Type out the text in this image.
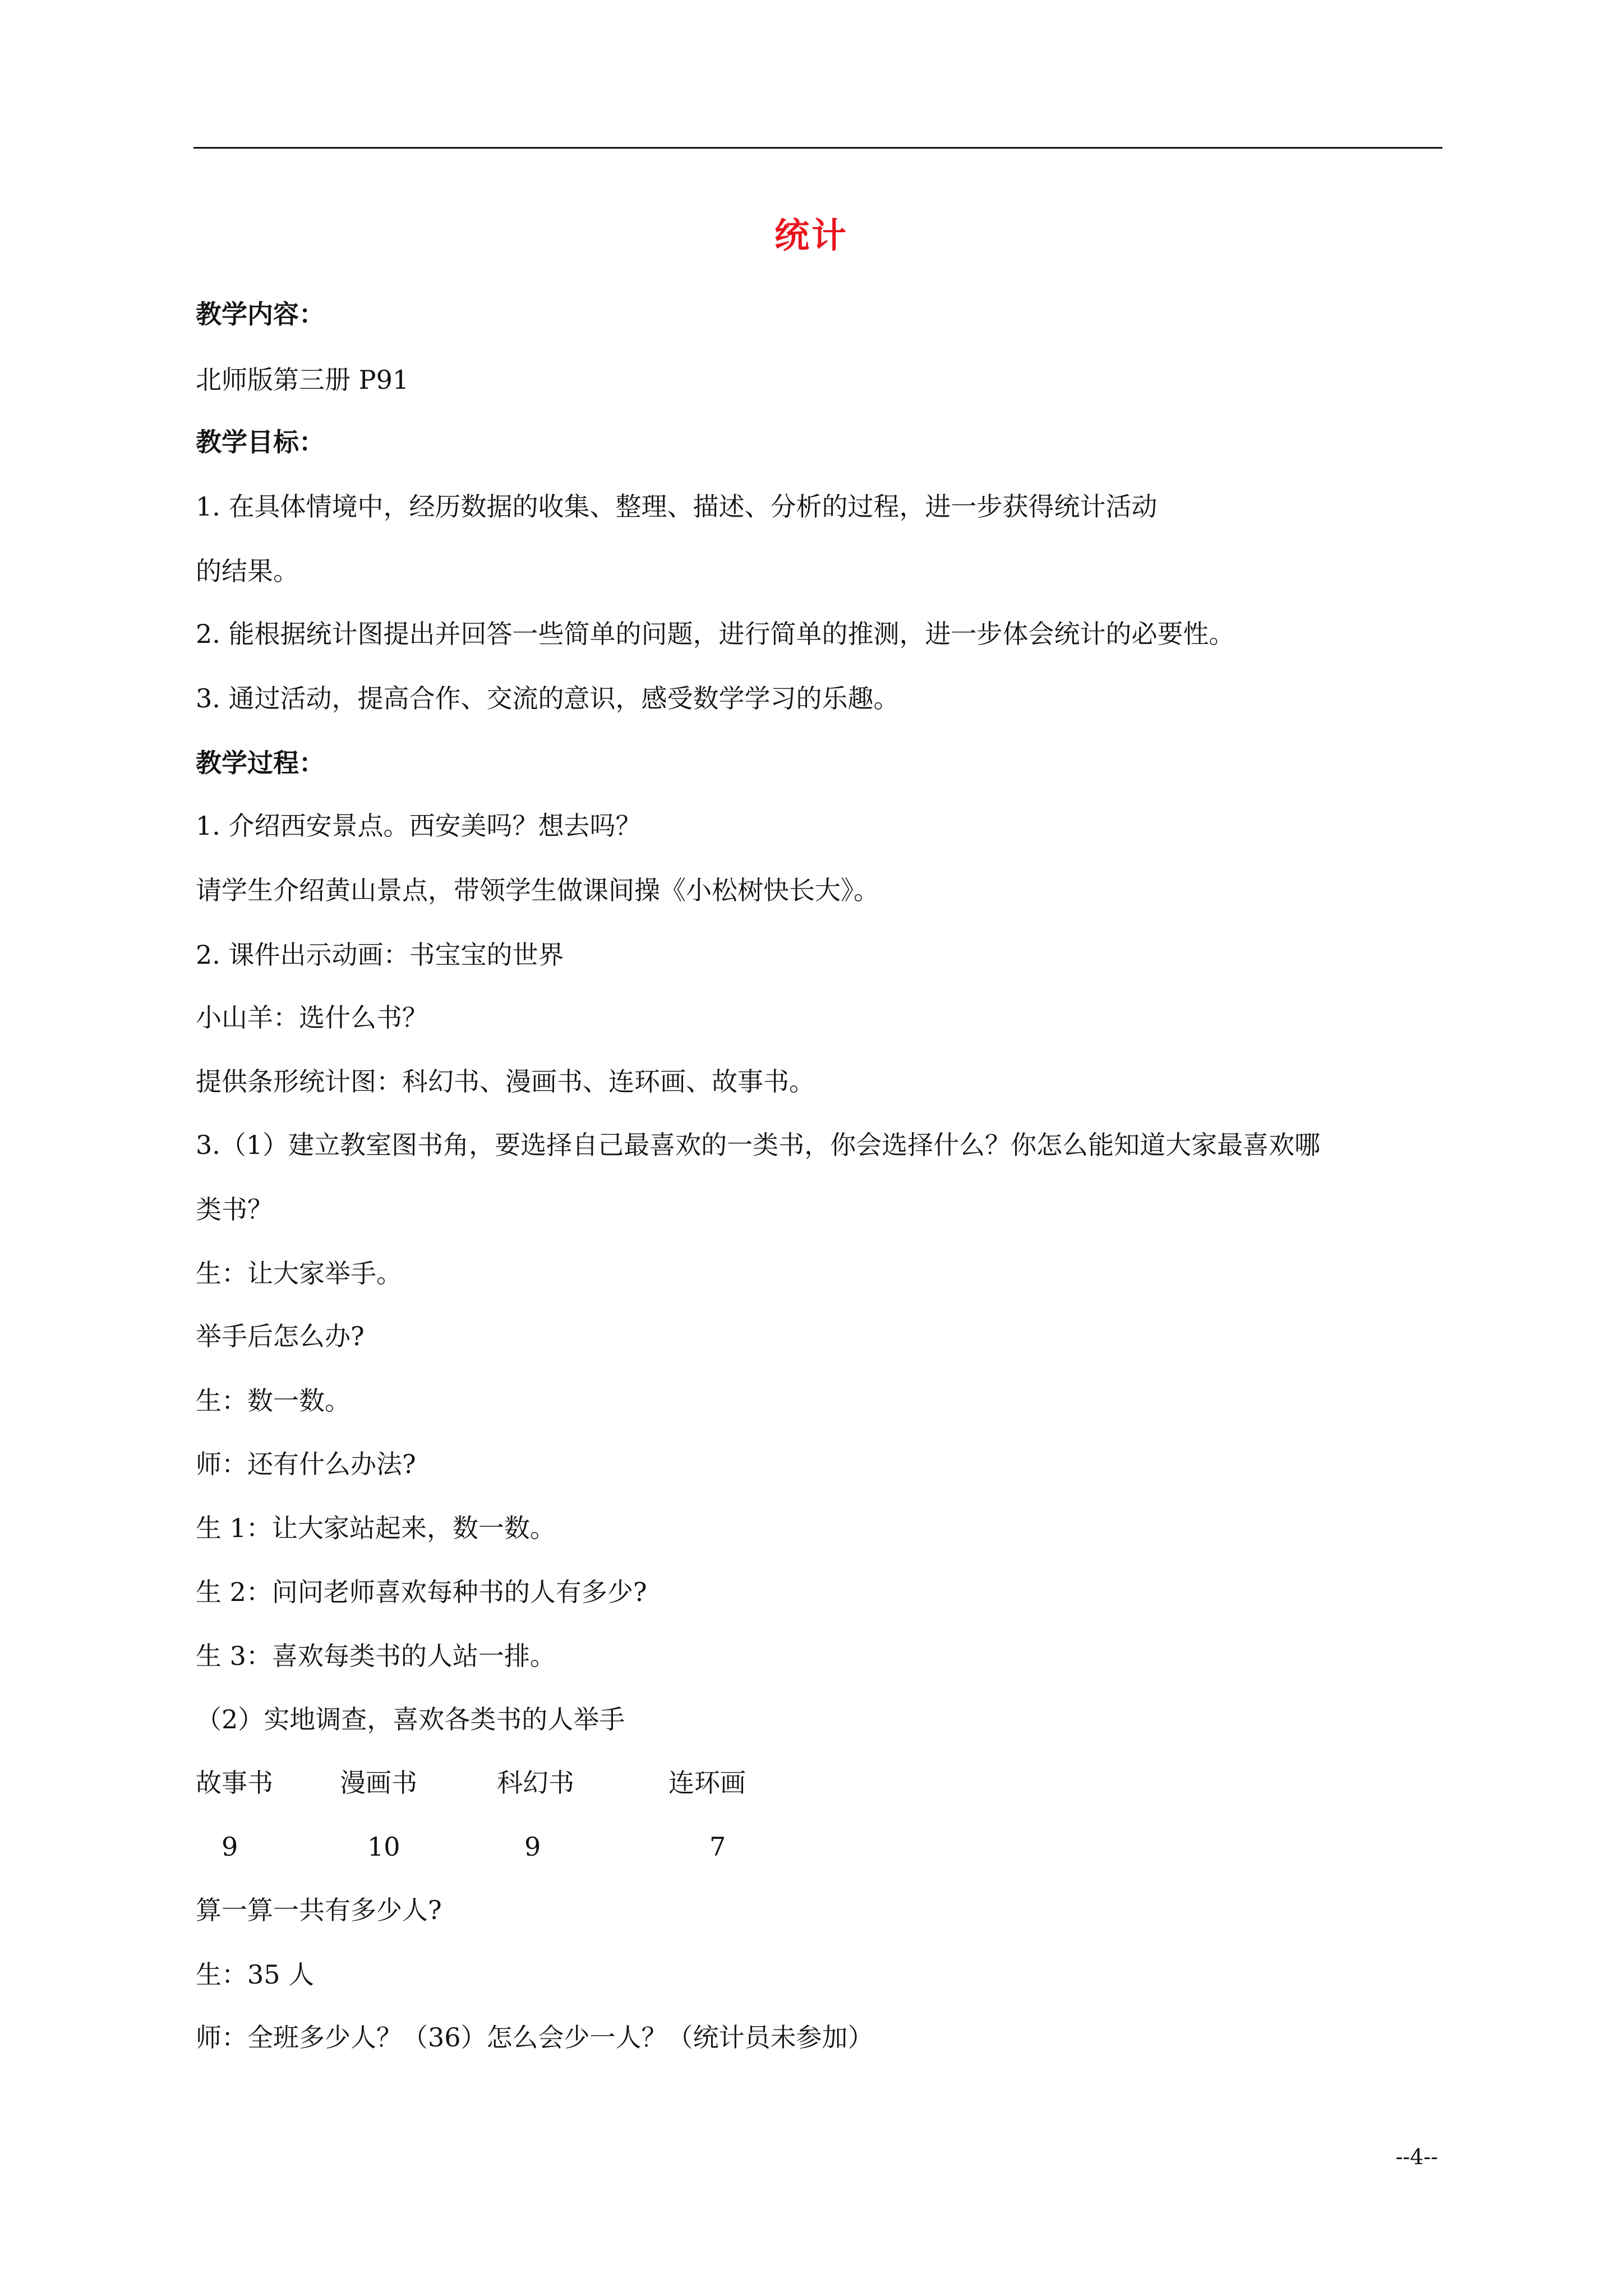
统计
教学内容：
北师版第三册 P91
教学目标：
1. 在具体情境中，经历数据的收集、整理、描述、分析的过程，进一步获得统计活动
的结果。
2. 能根据统计图提出并回答一些简单的问题，进行简单的推测，进一步体会统计的必要性。
3. 通过活动，提高合作、交流的意识，感受数学学习的乐趣。
教学过程：
1. 介绍西安景点。西安美吗？想去吗？
请学生介绍黄山景点，带领学生做课间操《小松树快长大》。
2. 课件出示动画：书宝宝的世界
小山羊：选什么书？
提供条形统计图：科幻书、漫画书、连环画、故事书。
3.（1）建立教室图书角，要选择自己最喜欢的一类书，你会选择什么？你怎么能知道大家最喜欢哪
类书？
生：让大家举手。
举手后怎么办?
生：数一数。
师：还有什么办法?
生 1：让大家站起来，数一数。
生 2：问问老师喜欢每种书的人有多少?
生 3：喜欢每类书的人站一排。
（2）实地调查，喜欢各类书的人举手
故事书	漫画书	科幻书	连环画
9	10	9	7
算一算一共有多少人?
生：35 人
师：全班多少人？（36）怎么会少一人？（统计员未参加）
--4--
